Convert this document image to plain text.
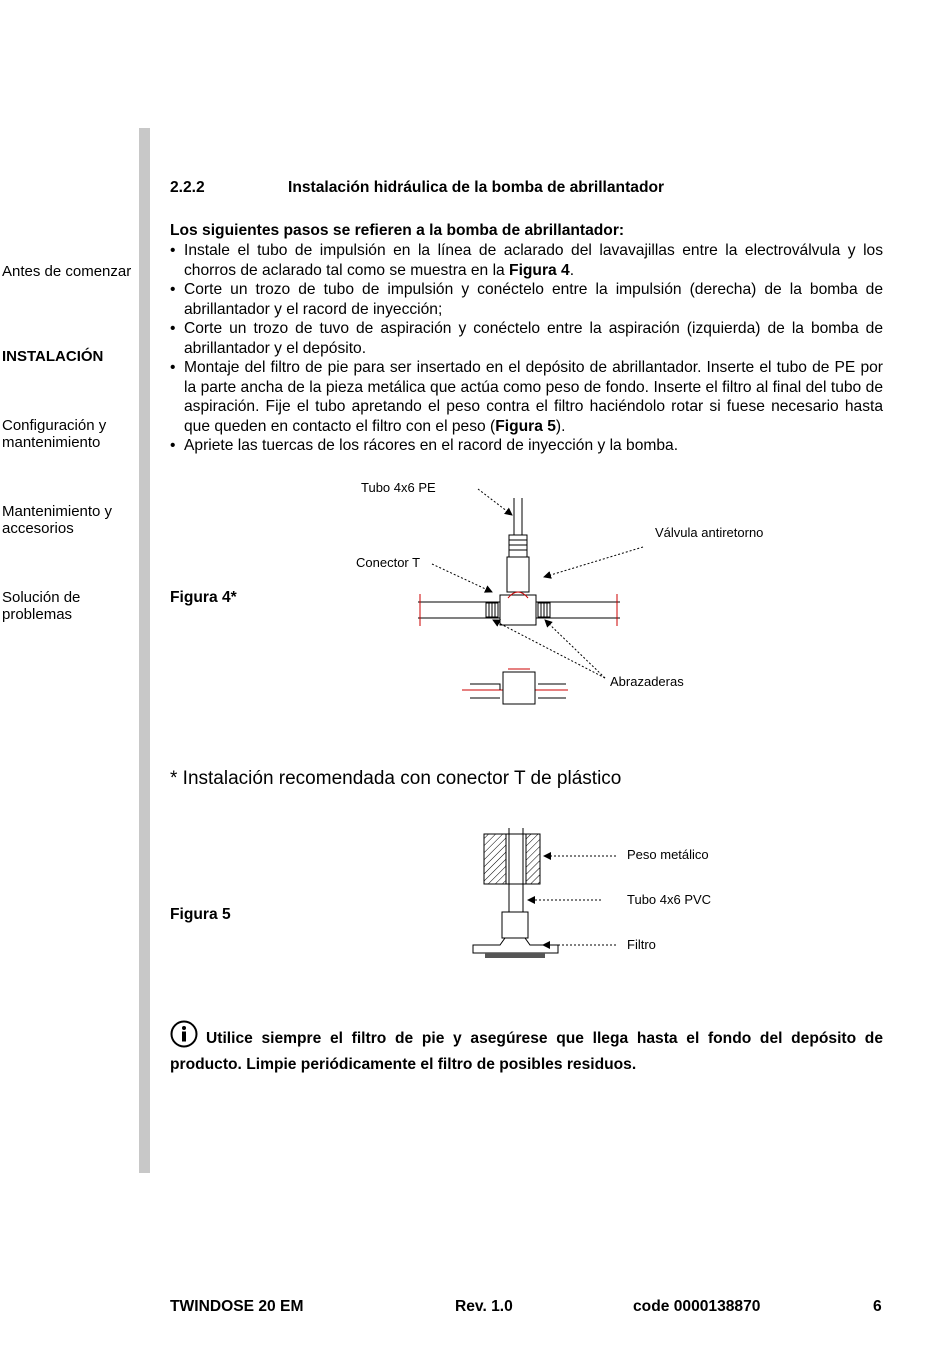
Antes de comenzar
INSTALACIÓN
Configuración y mantenimiento
Mantenimiento y accesorios
Solución de problemas
2.2.2	Instalación hidráulica de la bomba de abrillantador
Los siguientes pasos se refieren a la bomba de abrillantador:
• Instale el tubo de impulsión en la línea de aclarado del lavavajillas entre la electroválvula y los chorros de aclarado tal como se muestra en la Figura 4.
• Corte un trozo de tubo de impulsión y conéctelo entre la impulsión (derecha) de la bomba de abrillantador y el racord de inyección;
• Corte un trozo de tuvo de aspiración y conéctelo entre la aspiración (izquierda) de la bomba de abrillantador y el depósito.
• Montaje del filtro de pie para ser insertado en el depósito de abrillantador. Inserte el tubo de PE por la parte ancha de la pieza metálica que actúa como peso de fondo. Inserte el filtro al final del tubo de aspiración. Fije el tubo apretando el peso contra el filtro haciéndolo rotar si fuese necesario hasta que queden en contacto el filtro con el peso (Figura 5).
• Apriete las tuercas de los rácores en el racord de inyección y la bomba.
Figura 4*
Tubo 4x6 PE
Válvula antiretorno
Conector T
Abrazaderas
* Instalación recomendada con conector T de plástico
Figura 5
Peso metálico
Tubo 4x6 PVC
Filtro
Utilice siempre el filtro de pie y asegúrese que llega hasta el fondo del depósito de producto. Limpie periódicamente el filtro de posibles residuos.
TWINDOSE 20 EM	Rev. 1.0	code 0000138870	6
